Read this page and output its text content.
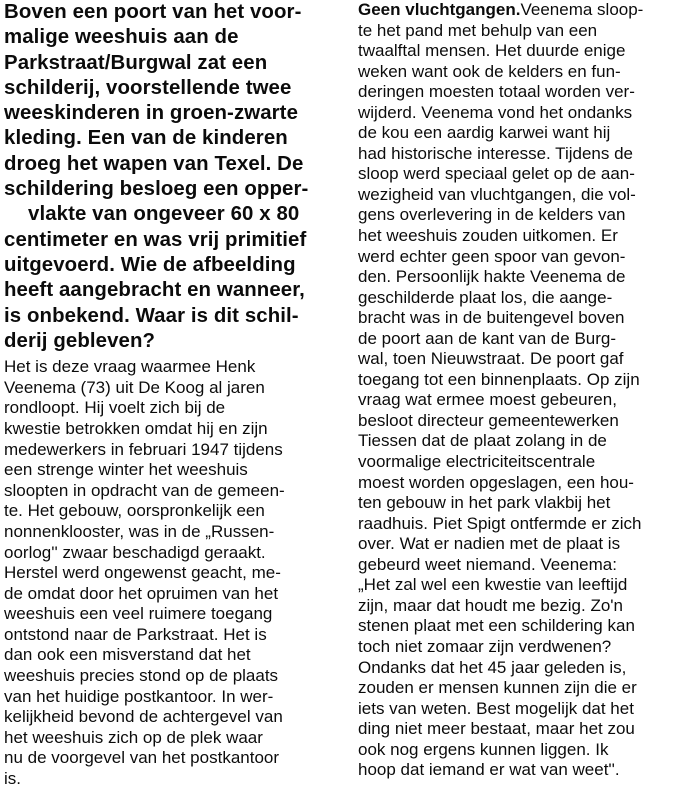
Boven een poort van het voor-
malige weeshuis aan de
Parkstraat/Burgwal zat een
schilderij, voorstellende twee
weeskinderen in groen-zwarte
kleding. Een van de kinderen
droeg het wapen van Texel. De
schildering besloeg een opper-
vlakte van ongeveer 60 x 80
centimeter en was vrij primitief
uitgevoerd. Wie de afbeelding
heeft aangebracht en wanneer,
is onbekend. Waar is dit schil-
derij gebleven?
Het is deze vraag waarmee Henk
Veenema (73) uit De Koog al jaren
rondloopt. Hij voelt zich bij de
kwestie betrokken omdat hij en zijn
medewerkers in februari 1947 tijdens
een strenge winter het weeshuis
sloopten in opdracht van de gemeen-
te. Het gebouw, oorspronkelijk een
nonnenklooster, was in de „Russen-
oorlog'' zwaar beschadigd geraakt.
Herstel werd ongewenst geacht, me-
de omdat door het opruimen van het
weeshuis een veel ruimere toegang
ontstond naar de Parkstraat. Het is
dan ook een misverstand dat het
weeshuis precies stond op de plaats
van het huidige postkantoor. In wer-
kelijkheid bevond de achtergevel van
het weeshuis zich op de plek waar
nu de voorgevel van het postkantoor
is.
Geen vluchtgangen.Veenema sloop-
te het pand met behulp van een
twaalftal mensen. Het duurde enige
weken want ook de kelders en fun-
deringen moesten totaal worden ver-
wijderd. Veenema vond het ondanks
de kou een aardig karwei want hij
had historische interesse. Tijdens de
sloop werd speciaal gelet op de aan-
wezigheid van vluchtgangen, die vol-
gens overlevering in de kelders van
het weeshuis zouden uitkomen. Er
werd echter geen spoor van gevon-
den. Persoonlijk hakte Veenema de
geschilderde plaat los, die aange-
bracht was in de buitengevel boven
de poort aan de kant van de Burg-
wal, toen Nieuwstraat. De poort gaf
toegang tot een binnenplaats. Op zijn
vraag wat ermee moest gebeuren,
besloot directeur gemeentewerken
Tiessen dat de plaat zolang in de
voormalige electriciteitscentrale
moest worden opgeslagen, een hou-
ten gebouw in het park vlakbij het
raadhuis. Piet Spigt ontfermde er zich
over. Wat er nadien met de plaat is
gebeurd weet niemand. Veenema:
„Het zal wel een kwestie van leeftijd
zijn, maar dat houdt me bezig. Zo'n
stenen plaat met een schildering kan
toch niet zomaar zijn verdwenen?
Ondanks dat het 45 jaar geleden is,
zouden er mensen kunnen zijn die er
iets van weten. Best mogelijk dat het
ding niet meer bestaat, maar het zou
ook nog ergens kunnen liggen. Ik
hoop dat iemand er wat van weet''.
